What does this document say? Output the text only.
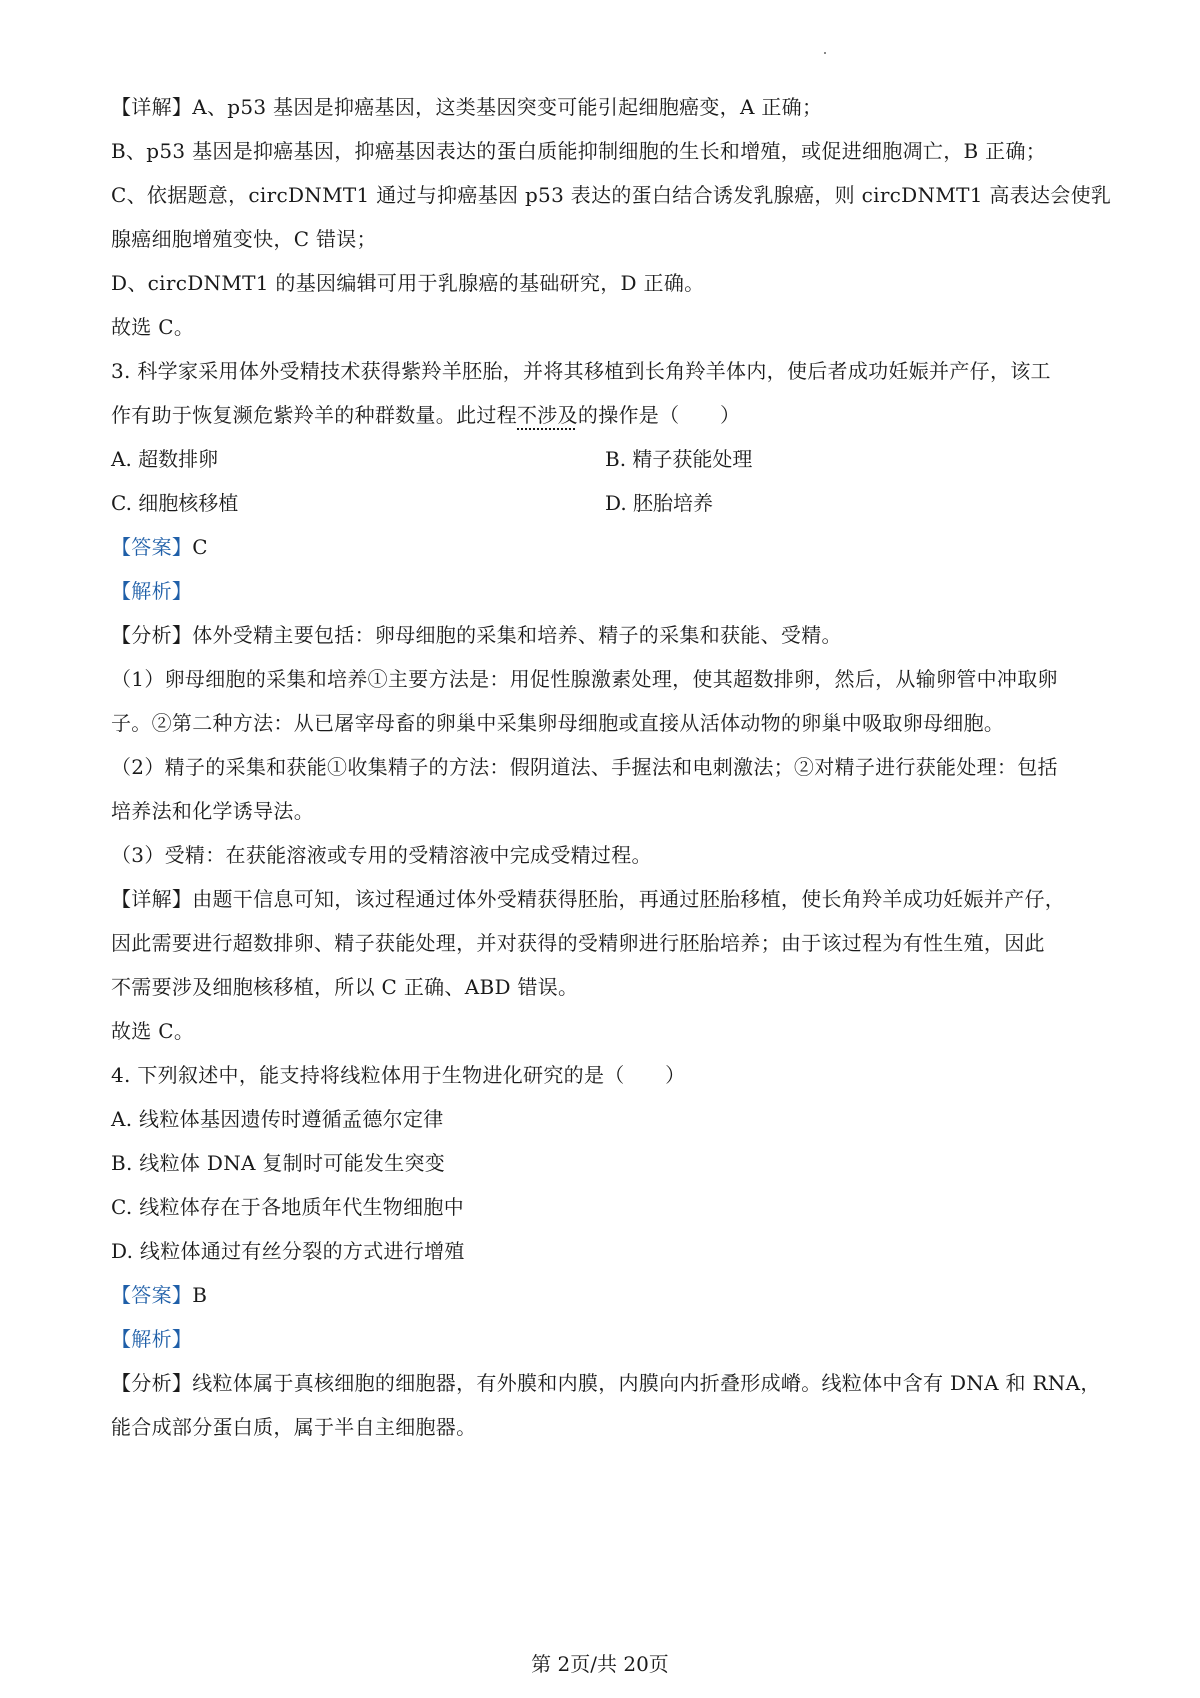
【详解】A、p53 基因是抑癌基因，这类基因突变可能引起细胞癌变，A 正确；
B、p53 基因是抑癌基因，抑癌基因表达的蛋白质能抑制细胞的生长和增殖，或促进细胞凋亡，B 正确；
C、依据题意，circDNMT1 通过与抑癌基因 p53 表达的蛋白结合诱发乳腺癌，则 circDNMT1 高表达会使乳
腺癌细胞增殖变快，C 错误；
D、circDNMT1 的基因编辑可用于乳腺癌的基础研究，D 正确。
故选 C。
3. 科学家采用体外受精技术获得紫羚羊胚胎，并将其移植到长角羚羊体内，使后者成功妊娠并产仔，该工
作有助于恢复濒危紫羚羊的种群数量。此过程不涉及的操作是（　　）
A. 超数排卵	B. 精子获能处理
C. 细胞核移植	D. 胚胎培养
【答案】C
【解析】
【分析】体外受精主要包括：卵母细胞的采集和培养、精子的采集和获能、受精。
（1）卵母细胞的采集和培养①主要方法是：用促性腺激素处理，使其超数排卵，然后，从输卵管中冲取卵
子。②第二种方法：从已屠宰母畜的卵巢中采集卵母细胞或直接从活体动物的卵巢中吸取卵母细胞。
（2）精子的采集和获能①收集精子的方法：假阴道法、手握法和电刺激法；②对精子进行获能处理：包括
培养法和化学诱导法。
（3）受精：在获能溶液或专用的受精溶液中完成受精过程。
【详解】由题干信息可知，该过程通过体外受精获得胚胎，再通过胚胎移植，使长角羚羊成功妊娠并产仔，
因此需要进行超数排卵、精子获能处理，并对获得的受精卵进行胚胎培养；由于该过程为有性生殖，因此
不需要涉及细胞核移植，所以 C 正确、ABD 错误。
故选 C。
4. 下列叙述中，能支持将线粒体用于生物进化研究的是（　　）
A. 线粒体基因遗传时遵循孟德尔定律
B. 线粒体 DNA 复制时可能发生突变
C. 线粒体存在于各地质年代生物细胞中
D. 线粒体通过有丝分裂的方式进行增殖
【答案】B
【解析】
【分析】线粒体属于真核细胞的细胞器，有外膜和内膜，内膜向内折叠形成嵴。线粒体中含有 DNA 和 RNA，
能合成部分蛋白质，属于半自主细胞器。
第 2页/共 20页
